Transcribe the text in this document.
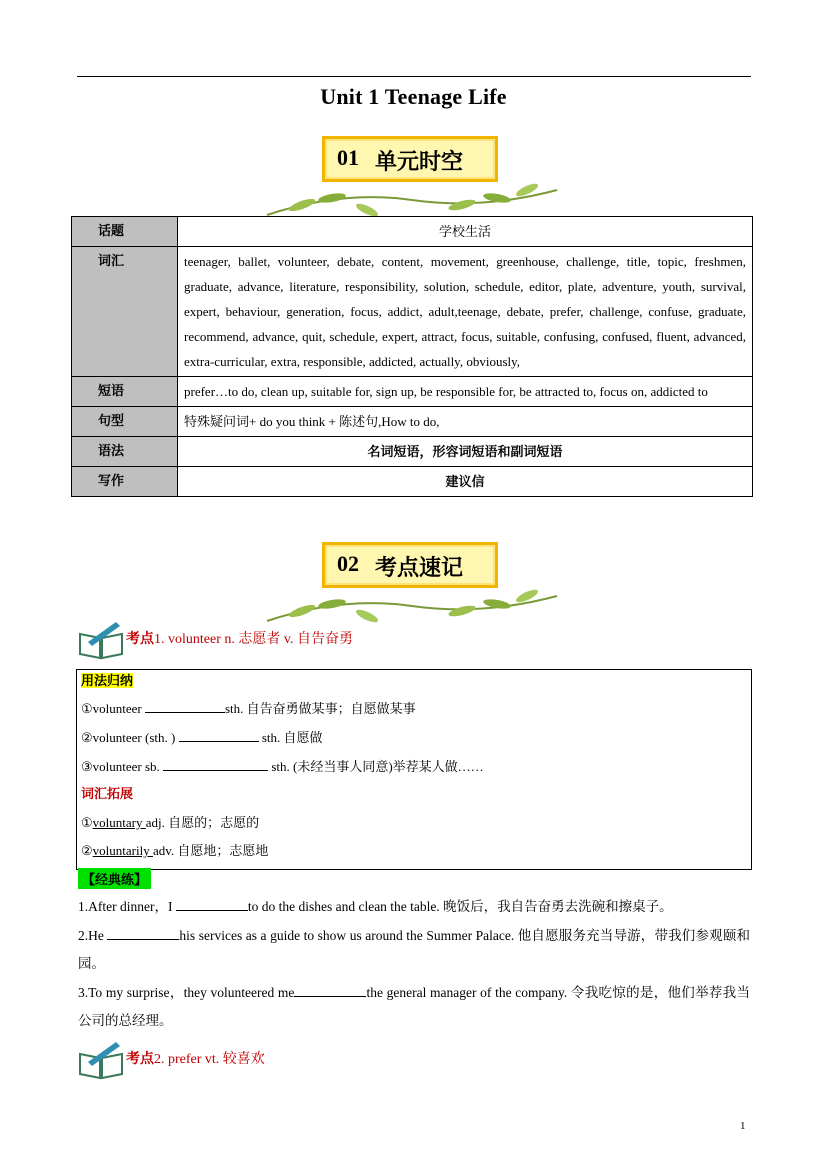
Unit 1 Teenage Life
01 单元时空
话题	学校生活
词汇	teenager, ballet, volunteer, debate, content, movement, greenhouse, challenge, title, topic, freshmen, graduate, advance, literature, responsibility, solution, schedule, editor, plate, adventure, youth, survival, expert, behaviour, generation, focus, addict, adult,teenage, debate, prefer, challenge, confuse, graduate, recommend, advance, quit, schedule, expert, attract, focus, suitable, confusing, confused, fluent, advanced, extra-curricular, extra, responsible, addicted, actually, obviously,
短语	prefer…to do, clean up, suitable for, sign up, be responsible for, be attracted to, focus on, addicted to
句型	特殊疑问词+ do you think + 陈述句,How to do,
语法	名词短语，形容词短语和副词短语
写作	建议信
02 考点速记
考点1. volunteer n. 志愿者 v. 自告奋勇
用法归纳
①volunteer	sth. 自告奋勇做某事；自愿做某事
②volunteer (sth. )	sth. 自愿做
③volunteer sb.	sth. (未经当事人同意)举荐某人做……
词汇拓展
①voluntary adj. 自愿的；志愿的
②voluntarily adv. 自愿地；志愿地
【经典练】
1.After dinner，I	to do the dishes and clean the table. 晚饭后，我自告奋勇去洗碗和擦桌子。
2.He	his services as a guide to show us around the Summer Palace. 他自愿服务充当导游，带我们参观颐和园。
3.To my surprise，they volunteered me	the general manager of the company. 令我吃惊的是，他们举荐我当公司的总经理。
考点2. prefer vt. 较喜欢
1
